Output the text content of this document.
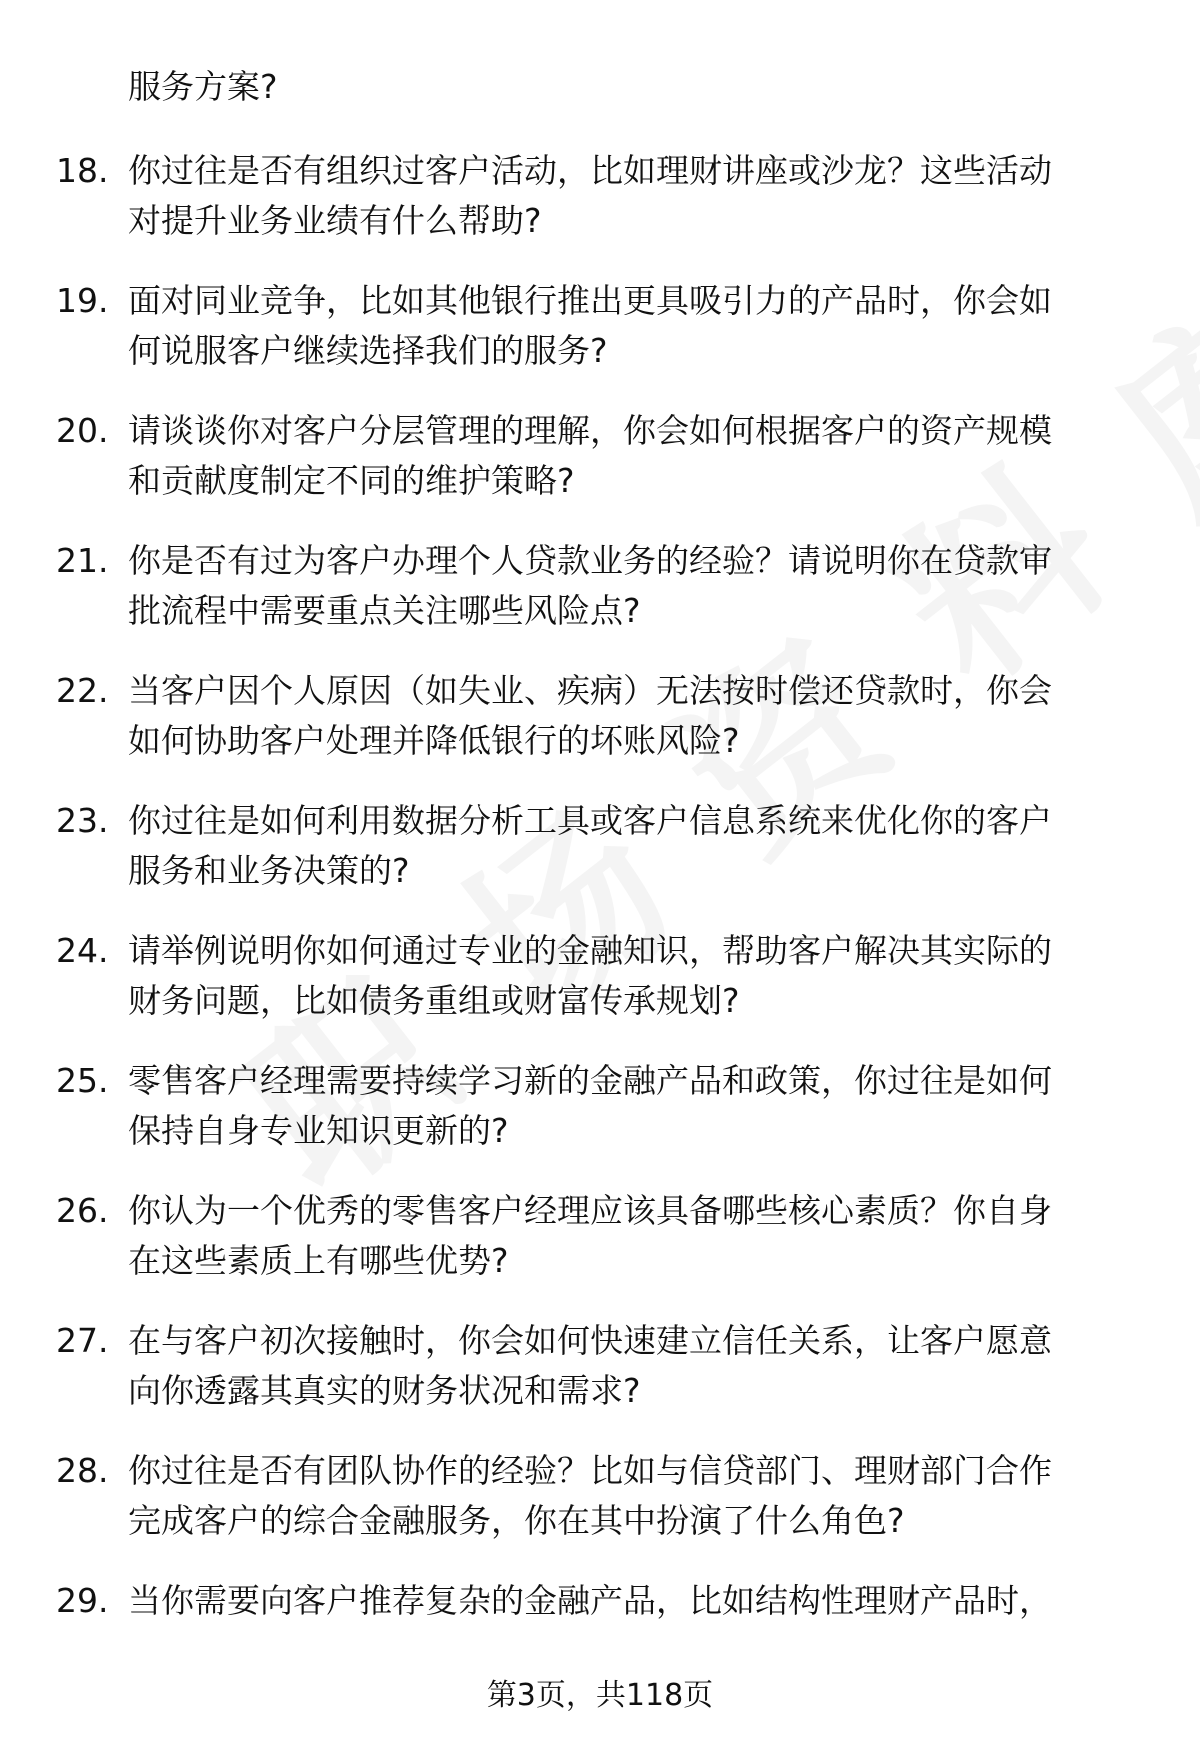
服务方案?
18. 你过往是否有组织过客户活动，比如理财讲座或沙龙？这些活动
对提升业务业绩有什么帮助?
19. 面对同业竞争，比如其他银行推出更具吸引力的产品时，你会如
何说服客户继续选择我们的服务?
20. 请谈谈你对客户分层管理的理解，你会如何根据客户的资产规模
和贡献度制定不同的维护策略?
21. 你是否有过为客户办理个人贷款业务的经验？请说明你在贷款审
批流程中需要重点关注哪些风险点?
22. 当客户因个人原因（如失业、疾病）无法按时偿还贷款时，你会
如何协助客户处理并降低银行的坏账风险?
23. 你过往是如何利用数据分析工具或客户信息系统来优化你的客户
服务和业务决策的?
24. 请举例说明你如何通过专业的金融知识，帮助客户解决其实际的
财务问题，比如债务重组或财富传承规划?
25. 零售客户经理需要持续学习新的金融产品和政策，你过往是如何
保持自身专业知识更新的?
26. 你认为一个优秀的零售客户经理应该具备哪些核心素质？你自身
在这些素质上有哪些优势?
27. 在与客户初次接触时，你会如何快速建立信任关系，让客户愿意
向你透露其真实的财务状况和需求?
28. 你过往是否有团队协作的经验？比如与信贷部门、理财部门合作
完成客户的综合金融服务，你在其中扮演了什么角色?
29. 当你需要向客户推荐复杂的金融产品，比如结构性理财产品时，
第3页，共118页
